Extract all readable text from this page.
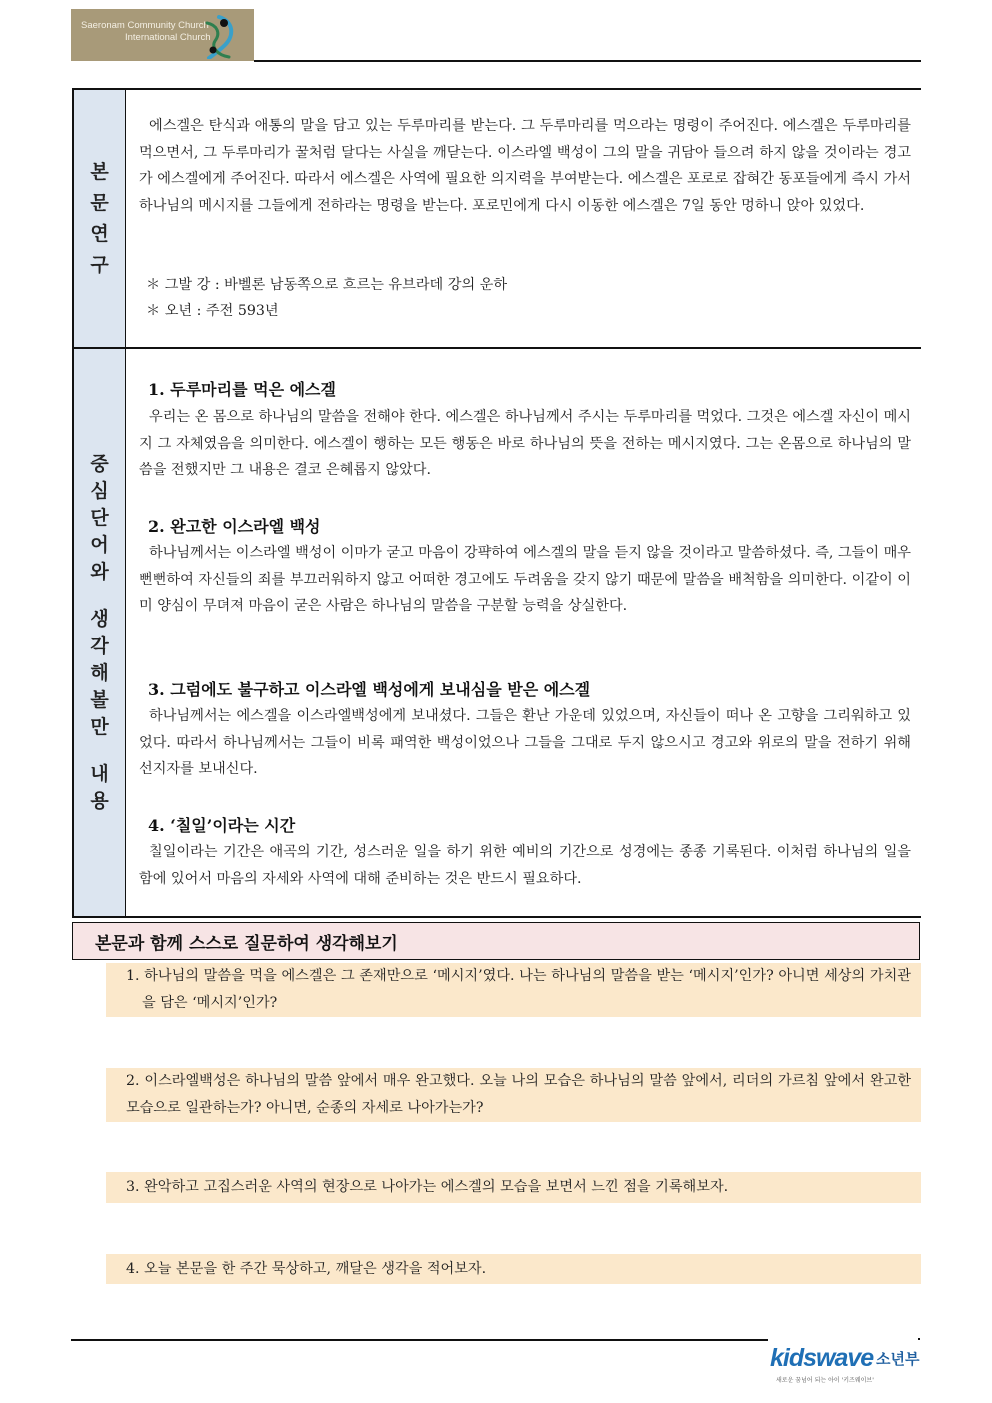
Saeronam Community Church
International Church
본
문
연
구

에스겔은 탄식과 애통의 말을 담고 있는 두루마리를 받는다. 그 두루마리를 먹으라는 명령이 주어진다. 에스겔은 두루마리를 먹으면서, 그 두루마리가 꿀처럼 달다는 사실을 깨닫는다. 이스라엘 백성이 그의 말을 귀담아 들으려 하지 않을 것이라는 경고가 에스겔에게 주어진다. 따라서 에스겔은 사역에 필요한 의지력을 부여받는다. 에스겔은 포로로 잡혀간 동포들에게 즉시 가서 하나님의 메시지를 그들에게 전하라는 명령을 받는다. 포로민에게 다시 이동한 에스겔은 7일 동안 멍하니 앉아 있었다.

＊ 그발 강 : 바벨론 남동쪽으로 흐르는 유브라데 강의 운하
＊ 오년 : 주전 593년
중
심
단
어
와
생
각
해
볼
만
내
용
1. 두루마리를 먹은 에스겔

우리는 온 몸으로 하나님의 말씀을 전해야 한다. 에스겔은 하나님께서 주시는 두루마리를 먹었다. 그것은 에스겔 자신이 메시지 그 자체였음을 의미한다. 에스겔이 행하는 모든 행동은 바로 하나님의 뜻을 전하는 메시지였다. 그는 온몸으로 하나님의 말씀을 전했지만 그 내용은 결코 은혜롭지 않았다.

2. 완고한 이스라엘 백성

하나님께서는 이스라엘 백성이 이마가 굳고 마음이 강퍅하여 에스겔의 말을 듣지 않을 것이라고 말씀하셨다. 즉, 그들이 매우 뻔뻔하여 자신들의 죄를 부끄러워하지 않고 어떠한 경고에도 두려움을 갖지 않기 때문에 말씀을 배척함을 의미한다. 이같이 이미 양심이 무뎌져 마음이 굳은 사람은 하나님의 말씀을 구분할 능력을 상실한다.

3. 그럼에도 불구하고 이스라엘 백성에게 보내심을 받은 에스겔

하나님께서는 에스겔을 이스라엘백성에게 보내셨다. 그들은 환난 가운데 있었으며, 자신들이 떠나 온 고향을 그리워하고 있었다. 따라서 하나님께서는 그들이 비록 패역한 백성이었으나 그들을 그대로 두지 않으시고 경고와 위로의 말을 전하기 위해 선지자를 보내신다.

4. ‘칠일’이라는 시간

칠일이라는 기간은 애곡의 기간, 성스러운 일을 하기 위한 예비의 기간으로 성경에는 종종 기록된다. 이처럼 하나님의 일을 함에 있어서 마음의 자세와 사역에 대해 준비하는 것은 반드시 필요하다.

본문과 함께 스스로 질문하여 생각해보기

1. 하나님의 말씀을 먹을 에스겔은 그 존재만으로 ‘메시지’였다. 나는 하나님의 말씀을 받는 ‘메시지’인가? 아니면 세상의 가치관을 담은 ‘메시지’인가?

2. 이스라엘백성은 하나님의 말씀 앞에서 매우 완고했다. 오늘 나의 모습은 하나님의 말씀 앞에서, 리더의 가르침 앞에서 완고한 모습으로 일관하는가? 아니면, 순종의 자세로 나아가는가?

3. 완악하고 고집스러운 사역의 현장으로 나아가는 에스겔의 모습을 보면서 느낀 점을 기록해보자.

4. 오늘 본문을 한 주간 묵상하고, 깨달은 생각을 적어보자.

kidswave 소년부
새로운 꿈넘어 되는 아이 '키즈웨이브'
